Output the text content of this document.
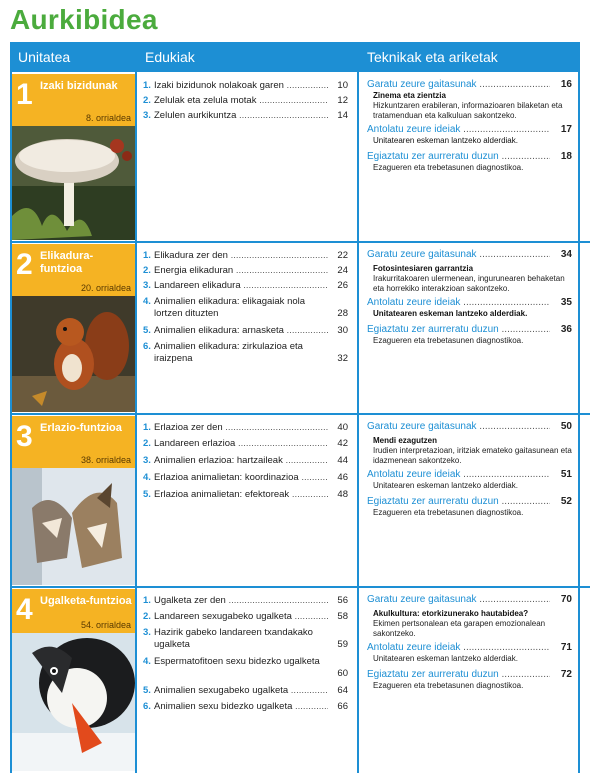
Aurkibidea
Unitatea	Edukiak	Teknikak eta ariketak
1 Izaki bizidunak
8. orrialdea
1. Izaki bizidunok nolakoak garen .....	10
2. Zelulak eta zelula motak .....	12
3. Zelulen aurkikuntza .....	14
Garatu zeure gaitasunak .....	16
Zinema eta zientzia
Hizkuntzaren erabileran, informazioaren bilaketan eta tratamenduan eta kalkuluan sakontzeko.
Antolatu zeure ideiak .....	17
Unitatearen eskeman lantzeko alderdiak.
Egiaztatu zer aurreratu duzun .....	18
Ezagueren eta trebetasunen diagnostikoa.
2 Elikadura-funtzioa
20. orrialdea
1. Elikadura zer den .....	22
2. Energia elikaduran .....	24
3. Landareen elikadura .....	26
4. Animalien elikadura: elikagaiak nola lortzen dituzten	28
5. Animalien elikadura: arnasketa .....	30
6. Animalien elikadura: zirkulazioa eta iraizpena	32
Garatu zeure gaitasunak .....	34
Fotosintesiaren garrantzia
Irakurritakoaren ulermenean, ingurunearen behaketan eta horrekiko interakzioan sakontzeko.
Antolatu zeure ideiak .....	35
Unitatearen eskeman lantzeko alderdiak.
Egiaztatu zer aurreratu duzun .....	36
Ezagueren eta trebetasunen diagnostikoa.
3 Erlazio-funtzioa
38. orrialdea
1. Erlazioa zer den .....	40
2. Landareen erlazioa .....	42
3. Animalien erlazioa: hartzaileak .....	44
4. Erlazioa animalietan: koordinazioa .....	46
5. Erlazioa animalietan: efektoreak .....	48
Garatu zeure gaitasunak .....	50
Mendi ezagutzen
Irudien interpretazioan, iritziak emateko gaitasunean eta idazmenean sakontzeko.
Antolatu zeure ideiak .....	51
Unitatearen eskeman lantzeko alderdiak.
Egiaztatu zer aurreratu duzun .....	52
Ezagueren eta trebetasunen diagnostikoa.
4 Ugalketa-funtzioa
54. orrialdea
1. Ugalketa zer den .....	56
2. Landareen sexugabeko ugalketa .....	58
3. Hazirik gabeko landareen txandakako ugalketa	59
4. Espermatofitoen sexu bidezko ugalketa
60
5. Animalien sexugabeko ugalketa .....	64
6. Animalien sexu bidezko ugalketa .....	66
Garatu zeure gaitasunak .....	70
Akulkultura: etorkizunerako hautabidea?
Ekimen pertsonalean eta garapen emozionalean sakontzeko.
Antolatu zeure ideiak .....	71
Unitatearen eskeman lantzeko alderdiak.
Egiaztatu zer aurreratu duzun .....	72
Ezagueren eta trebetasunen diagnostikoa.
